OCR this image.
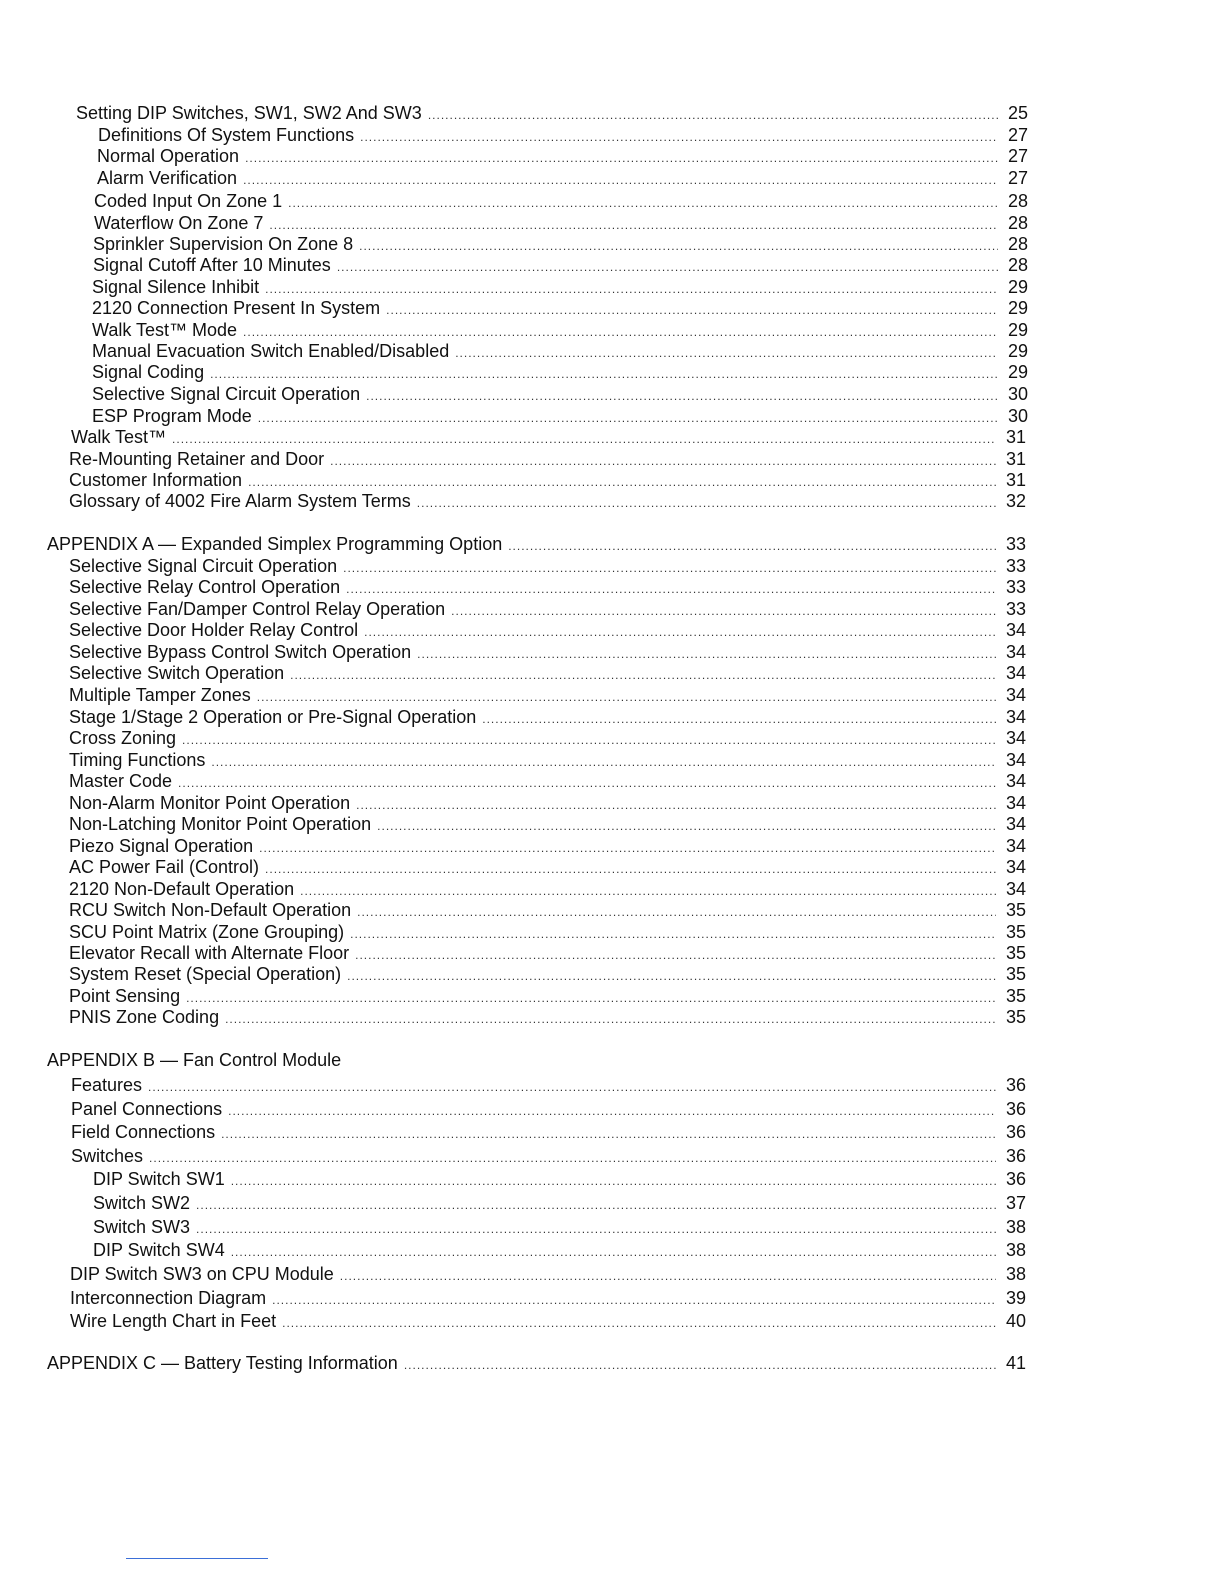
Setting DIP Switches, SW1, SW2 And SW3 .....	25
Definitions Of System Functions .....	27
Normal Operation .....	27
Alarm Verification .....	27
Coded Input On Zone 1 .....	28
Waterflow On Zone 7 .....	28
Sprinkler Supervision On Zone 8 .....	28
Signal Cutoff After 10 Minutes .....	28
Signal Silence Inhibit .....	29
2120 Connection Present In System .....	29
Walk Test™ Mode .....	29
Manual Evacuation Switch Enabled/Disabled .....	29
Signal Coding .....	29
Selective Signal Circuit Operation .....	30
ESP Program Mode .....	30
Walk Test™ .....	31
Re-Mounting Retainer and Door .....	31
Customer Information .....	31
Glossary of 4002 Fire Alarm System Terms .....	32
APPENDIX A — Expanded Simplex Programming Option .....	33
Selective Signal Circuit Operation .....	33
Selective Relay Control Operation .....	33
Selective Fan/Damper Control Relay Operation .....	33
Selective Door Holder Relay Control .....	34
Selective Bypass Control Switch Operation .....	34
Selective Switch Operation .....	34
Multiple Tamper Zones .....	34
Stage 1/Stage 2 Operation or Pre-Signal Operation .....	34
Cross Zoning .....	34
Timing Functions .....	34
Master Code .....	34
Non-Alarm Monitor Point Operation .....	34
Non-Latching Monitor Point Operation .....	34
Piezo Signal Operation .....	34
AC Power Fail (Control) .....	34
2120 Non-Default Operation .....	34
RCU Switch Non-Default Operation .....	35
SCU Point Matrix (Zone Grouping) .....	35
Elevator Recall with Alternate Floor .....	35
System Reset (Special Operation) .....	35
Point Sensing .....	35
PNIS Zone Coding .....	35
APPENDIX B — Fan Control Module
Features .....	36
Panel Connections .....	36
Field Connections .....	36
Switches .....	36
DIP Switch SW1 .....	36
Switch SW2 .....	37
Switch SW3 .....	38
DIP Switch SW4 .....	38
DIP Switch SW3 on CPU Module .....	38
Interconnection Diagram .....	39
Wire Length Chart in Feet .....	40
APPENDIX C — Battery Testing Information .....	41
